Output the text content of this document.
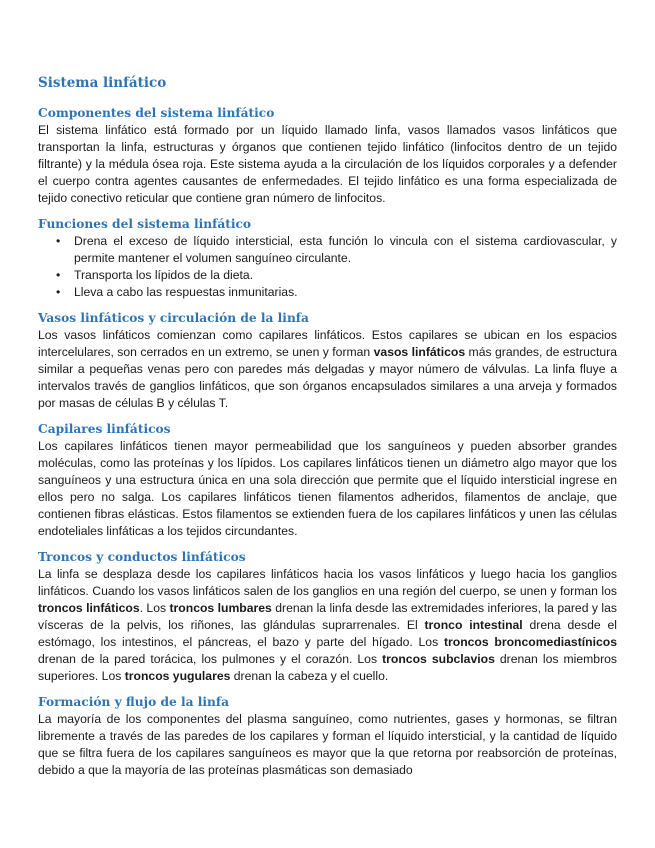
Sistema linfático
Componentes del sistema linfático

El sistema linfático está formado por un líquido llamado linfa, vasos llamados vasos linfáticos que transportan la linfa, estructuras y órganos que contienen tejido linfático (linfocitos dentro de un tejido filtrante) y la médula ósea roja. Este sistema ayuda a la circulación de los líquidos corporales y a defender el cuerpo contra agentes causantes de enfermedades. El tejido linfático es una forma especializada de tejido conectivo reticular que contiene gran número de linfocitos.

Funciones del sistema linfático
• Drena el exceso de líquido intersticial, esta función lo vincula con el sistema cardiovascular, y permite mantener el volumen sanguíneo circulante.
• Transporta los lípidos de la dieta.
• Lleva a cabo las respuestas inmunitarias.
Vasos linfáticos y circulación de la linfa

Los vasos linfáticos comienzan como capilares linfáticos. Estos capilares se ubican en los espacios intercelulares, son cerrados en un extremo, se unen y forman vasos linfáticos más grandes, de estructura similar a pequeñas venas pero con paredes más delgadas y mayor número de válvulas. La linfa fluye a intervalos través de ganglios linfáticos, que son órganos encapsulados similares a una arveja y formados por masas de células B y células T.

Capilares linfáticos

Los capilares linfáticos tienen mayor permeabilidad que los sanguíneos y pueden absorber grandes moléculas, como las proteínas y los lípidos. Los capilares linfáticos tienen un diámetro algo mayor que los sanguíneos y una estructura única en una sola dirección que permite que el líquido intersticial ingrese en ellos pero no salga. Los capilares linfáticos tienen filamentos adheridos, filamentos de anclaje, que contienen fibras elásticas. Estos filamentos se extienden fuera de los capilares linfáticos y unen las células endoteliales linfáticas a los tejidos circundantes.

Troncos y conductos linfáticos

La linfa se desplaza desde los capilares linfáticos hacia los vasos linfáticos y luego hacia los ganglios linfáticos. Cuando los vasos linfáticos salen de los ganglios en una región del cuerpo, se unen y forman los troncos linfáticos. Los troncos lumbares drenan la linfa desde las extremidades inferiores, la pared y las vísceras de la pelvis, los riñones, las glándulas suprarrenales. El tronco intestinal drena desde el estómago, los intestinos, el páncreas, el bazo y parte del hígado. Los troncos broncomediastínicos drenan de la pared torácica, los pulmones y el corazón. Los troncos subclavios drenan los miembros superiores. Los troncos yugulares drenan la cabeza y el cuello.

Formación y flujo de la linfa

La mayoría de los componentes del plasma sanguíneo, como nutrientes, gases y hormonas, se filtran libremente a través de las paredes de los capilares y forman el líquido intersticial, y la cantidad de líquido que se filtra fuera de los capilares sanguíneos es mayor que la que retorna por reabsorción de proteínas, debido a que la mayoría de las proteínas plasmáticas son demasiado
